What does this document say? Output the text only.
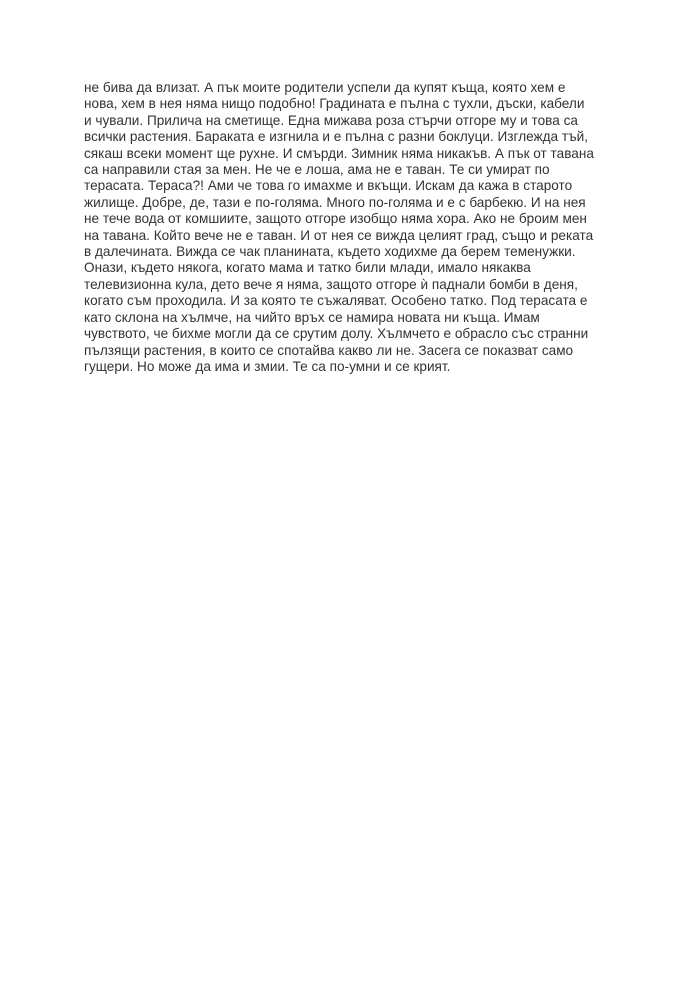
не бива да влизат. А пък моите родители успели да купят къща, която хем е
нова, хем в нея няма нищо подобно! Градината е пълна с тухли, дъски, кабели
и чували. Прилича на сметище. Една мижава роза стърчи отгоре му и това са
всички растения. Бараката е изгнила и е пълна с разни боклуци. Изглежда тъй,
сякаш всеки момент ще рухне. И смърди. Зимник няма никакъв. А пък от тавана
са направили стая за мен. Не че е лоша, ама не е таван. Те си умират по
терасата. Тераса?! Ами че това го имахме и вкъщи. Искам да кажа в старото
жилище. Добре, де, тази е по-голяма. Много по-голяма и е с барбекю. И на нея
не тече вода от комшиите, защото отгоре изобщо няма хора. Ако не броим мен
на тавана. Който вече не е таван. И от нея се вижда целият град, също и реката
в далечината. Вижда се чак планината, където ходихме да берем теменужки.
Онази, където някога, когато мама и татко били млади, имало някаква
телевизионна кула, дето вече я няма, защото отгоре ѝ паднали бомби в деня,
когато съм проходила. И за която те съжаляват. Особено татко. Под терасата е
като склона на хълмче, на чийто връх се намира новата ни къща. Имам
чувството, че бихме могли да се срутим долу. Хълмчето е обрасло със странни
пълзящи растения, в които се спотайва какво ли не. Засега се показват само
гущери. Но може да има и змии. Те са по-умни и се крият.
